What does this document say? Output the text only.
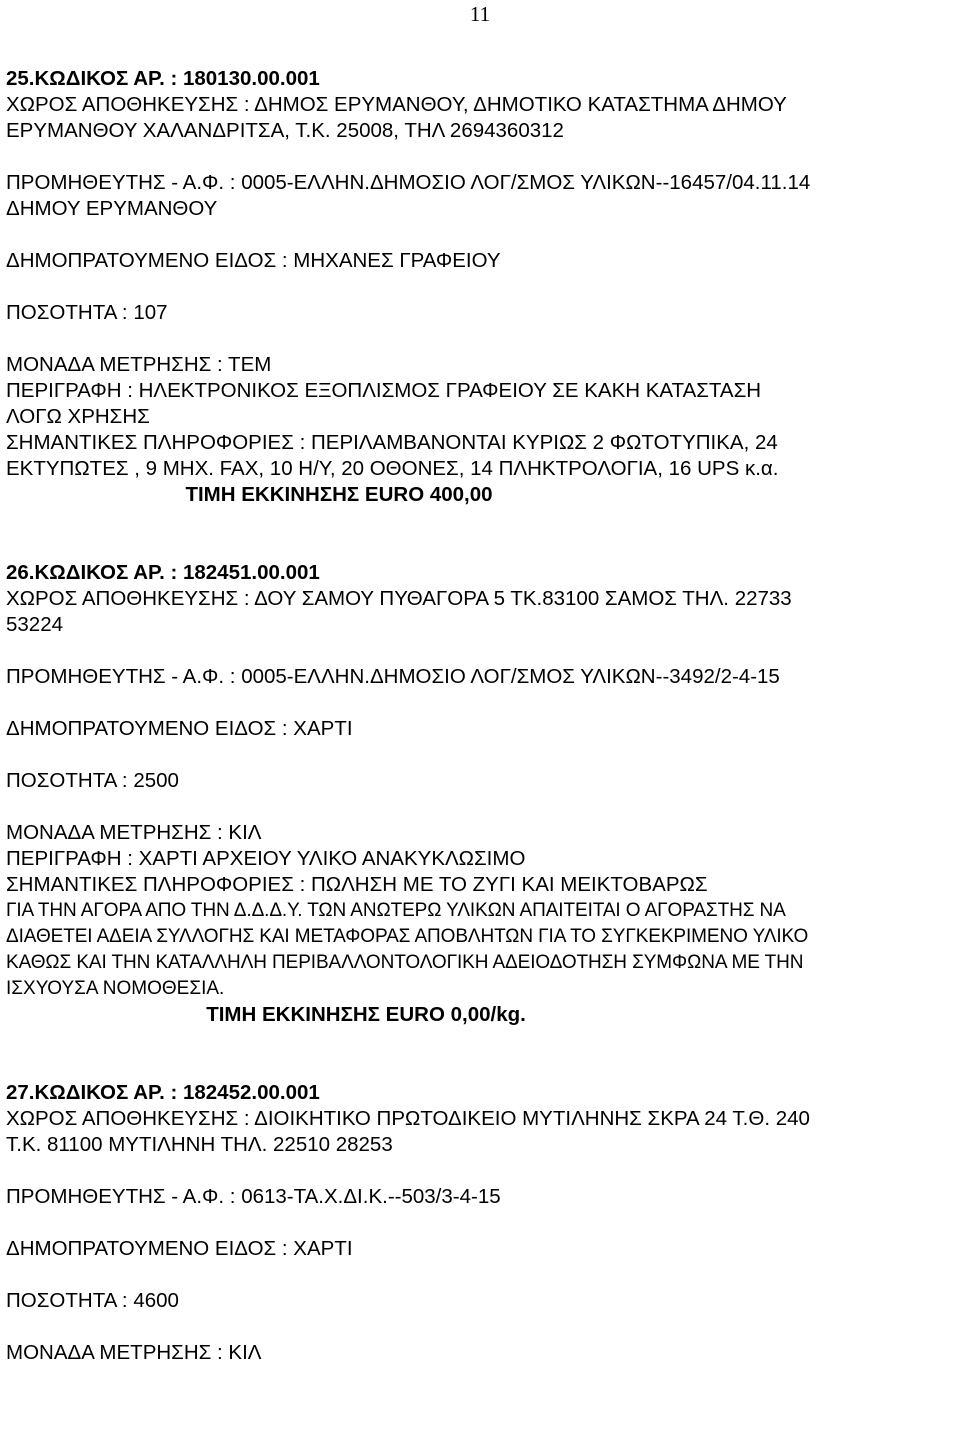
11
25.ΚΩΔΙΚΟΣ ΑΡ. : 180130.00.001
ΧΩΡΟΣ ΑΠΟΘΗΚΕΥΣΗΣ : ΔΗΜΟΣ ΕΡΥΜΑΝΘΟΥ, ΔΗΜΟΤΙΚΟ ΚΑΤΑΣΤΗΜΑ ΔΗΜΟΥ
ΕΡΥΜΑΝΘΟΥ ΧΑΛΑΝΔΡΙΤΣΑ, Τ.Κ. 25008, ΤΗΛ 2694360312
ΠΡΟΜΗΘΕΥΤΗΣ - Α.Φ. : 0005-ΕΛΛΗΝ.ΔΗΜΟΣΙΟ ΛΟΓ/ΣΜΟΣ ΥΛΙΚΩΝ--16457/04.11.14
ΔΗΜΟΥ ΕΡΥΜΑΝΘΟΥ
ΔΗΜΟΠΡΑΤΟΥΜΕΝΟ ΕΙΔΟΣ : ΜΗΧΑΝΕΣ ΓΡΑΦΕΙΟΥ
ΠΟΣΟΤΗΤΑ : 107
ΜΟΝΑΔΑ ΜΕΤΡΗΣΗΣ : ΤΕΜ
ΠΕΡΙΓΡΑΦΗ : ΗΛΕΚΤΡΟΝΙΚΟΣ ΕΞΟΠΛΙΣΜΟΣ ΓΡΑΦΕΙΟΥ ΣΕ ΚΑΚΗ ΚΑΤΑΣΤΑΣΗ
ΛΟΓΩ ΧΡΗΣΗΣ
ΣΗΜΑΝΤΙΚΕΣ ΠΛΗΡΟΦΟΡΙΕΣ : ΠΕΡΙΛΑΜΒΑΝΟΝΤΑΙ ΚΥΡΙΩΣ 2 ΦΩΤΟΤΥΠΙΚΑ, 24
ΕΚΤΥΠΩΤΕΣ , 9 ΜΗΧ. FAX, 10 Η/Υ, 20 ΟΘΟΝΕΣ, 14 ΠΛΗΚΤΡΟΛΟΓΙΑ, 16 UPS κ.α.
ΤΙΜΗ ΕΚΚΙΝΗΣΗΣ EURO 400,00
26.ΚΩΔΙΚΟΣ ΑΡ. : 182451.00.001
ΧΩΡΟΣ ΑΠΟΘΗΚΕΥΣΗΣ : ΔΟΥ ΣΑΜΟΥ ΠΥΘΑΓΟΡΑ 5 ΤΚ.83100 ΣΑΜΟΣ ΤΗΛ. 22733
53224
ΠΡΟΜΗΘΕΥΤΗΣ - Α.Φ. : 0005-ΕΛΛΗΝ.ΔΗΜΟΣΙΟ ΛΟΓ/ΣΜΟΣ ΥΛΙΚΩΝ--3492/2-4-15
ΔΗΜΟΠΡΑΤΟΥΜΕΝΟ ΕΙΔΟΣ : ΧΑΡΤΙ
ΠΟΣΟΤΗΤΑ : 2500
ΜΟΝΑΔΑ ΜΕΤΡΗΣΗΣ : ΚΙΛ
ΠΕΡΙΓΡΑΦΗ : ΧΑΡΤΙ ΑΡΧΕΙΟΥ ΥΛΙΚΟ ΑΝΑΚΥΚΛΩΣΙΜΟ
ΣΗΜΑΝΤΙΚΕΣ ΠΛΗΡΟΦΟΡΙΕΣ : ΠΩΛΗΣΗ ΜΕ ΤΟ ΖΥΓΙ ΚΑΙ ΜΕΙΚΤΟΒΑΡΩΣ
ΓΙΑ ΤΗΝ ΑΓΟΡΑ ΑΠΟ ΤΗΝ Δ.Δ.Δ.Υ. ΤΩΝ ΑΝΩΤΕΡΩ ΥΛΙΚΩΝ ΑΠΑΙΤΕΙΤΑΙ Ο ΑΓΟΡΑΣΤΗΣ ΝΑ
ΔΙΑΘΕΤΕΙ ΑΔΕΙΑ ΣΥΛΛΟΓΗΣ ΚΑΙ ΜΕΤΑΦΟΡΑΣ ΑΠΟΒΛΗΤΩΝ ΓΙΑ ΤΟ ΣΥΓΚΕΚΡΙΜΕΝΟ ΥΛΙΚΟ
ΚΑΘΩΣ ΚΑΙ ΤΗΝ ΚΑΤΑΛΛΗΛΗ ΠΕΡΙΒΑΛΛΟΝΤΟΛΟΓΙΚΗ ΑΔΕΙΟΔΟΤΗΣΗ ΣΥΜΦΩΝΑ ΜΕ ΤΗΝ
ΙΣΧΥΟΥΣΑ ΝΟΜΟΘΕΣΙΑ.
ΤΙΜΗ ΕΚΚΙΝΗΣΗΣ EURO 0,00/kg.
27.ΚΩΔΙΚΟΣ ΑΡ. : 182452.00.001
ΧΩΡΟΣ ΑΠΟΘΗΚΕΥΣΗΣ : ΔΙΟΙΚΗΤΙΚΟ ΠΡΩΤΟΔΙΚΕΙΟ ΜΥΤΙΛΗΝΗΣ ΣΚΡΑ 24 Τ.Θ. 240
Τ.Κ. 81100 ΜΥΤΙΛΗΝΗ ΤΗΛ. 22510 28253
ΠΡΟΜΗΘΕΥΤΗΣ - Α.Φ. : 0613-ΤΑ.Χ.ΔΙ.Κ.--503/3-4-15
ΔΗΜΟΠΡΑΤΟΥΜΕΝΟ ΕΙΔΟΣ : ΧΑΡΤΙ
ΠΟΣΟΤΗΤΑ : 4600
ΜΟΝΑΔΑ ΜΕΤΡΗΣΗΣ : ΚΙΛ
